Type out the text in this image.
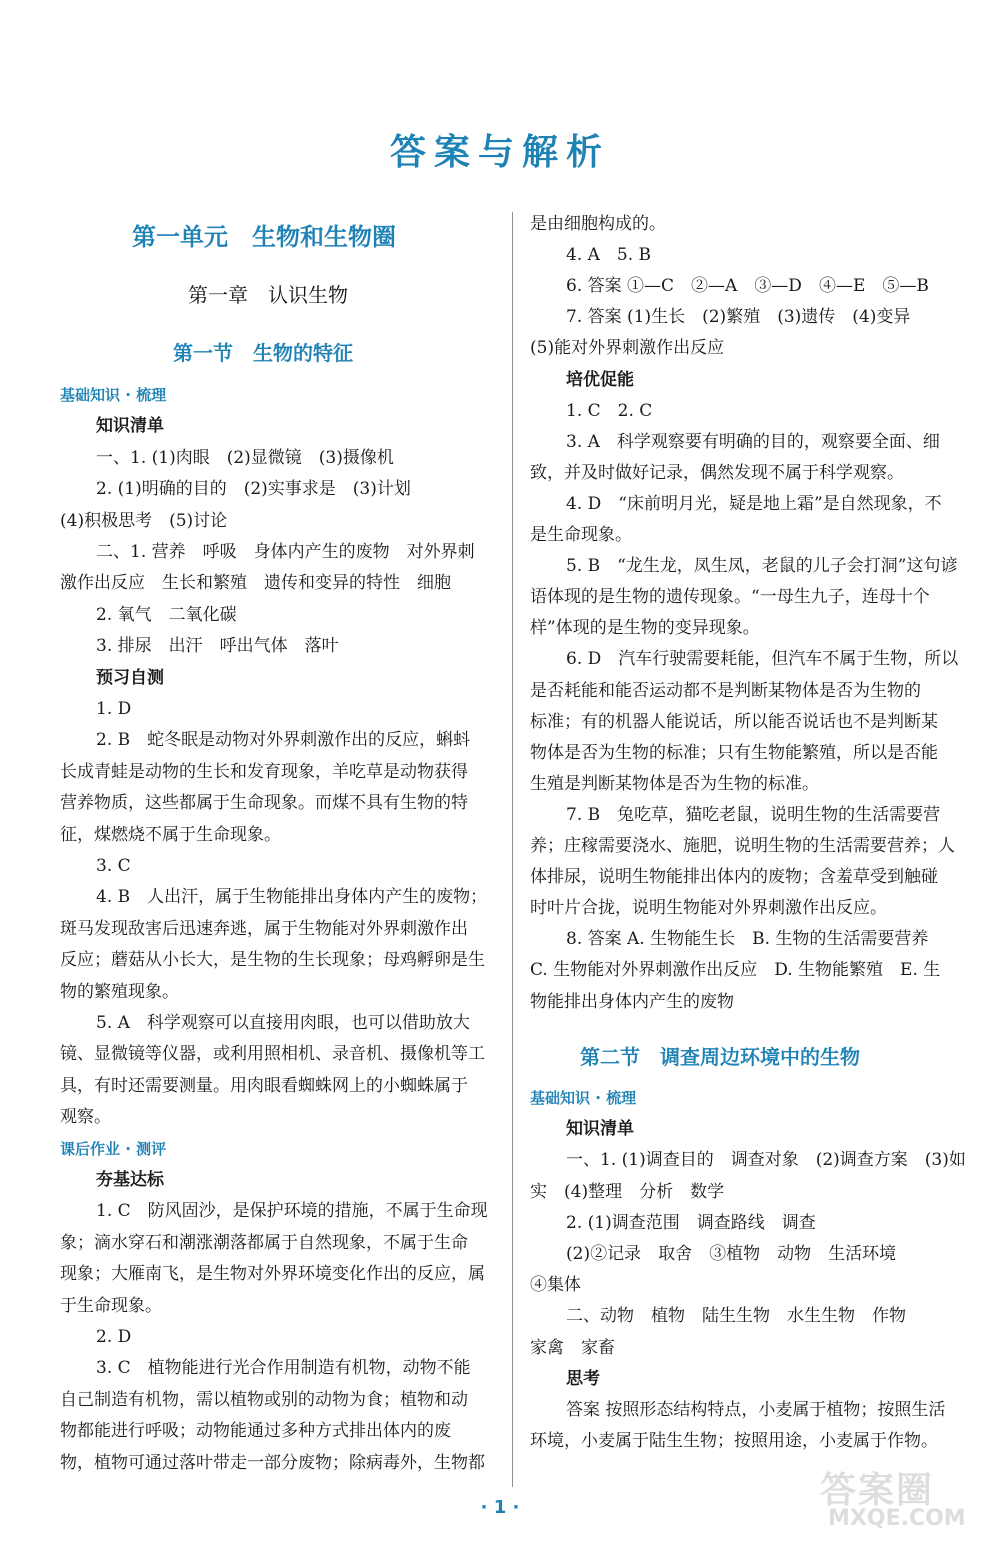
答案与解析
第一单元　生物和生物圈
第一章　认识生物
第一节　生物的特征
基础知识 · 梳理
知识清单
一、1. (1)肉眼　(2)显微镜　(3)摄像机
2. (1)明确的目的　(2)实事求是　(3)计划
(4)积极思考　(5)讨论
二、1. 营养　呼吸　身体内产生的废物　对外界刺
激作出反应　生长和繁殖　遗传和变异的特性　细胞
2. 氧气　二氧化碳
3. 排尿　出汗　呼出气体　落叶
预习自测
1. D
2. B　蛇冬眠是动物对外界刺激作出的反应，蝌蚪
长成青蛙是动物的生长和发育现象，羊吃草是动物获得
营养物质，这些都属于生命现象。而煤不具有生物的特
征，煤燃烧不属于生命现象。
3. C
4. B　人出汗，属于生物能排出身体内产生的废物；
斑马发现敌害后迅速奔逃，属于生物能对外界刺激作出
反应；蘑菇从小长大，是生物的生长现象；母鸡孵卵是生
物的繁殖现象。
5. A　科学观察可以直接用肉眼，也可以借助放大
镜、显微镜等仪器，或利用照相机、录音机、摄像机等工
具，有时还需要测量。用肉眼看蜘蛛网上的小蜘蛛属于
观察。
课后作业 · 测评
夯基达标
1. C　防风固沙，是保护环境的措施，不属于生命现
象；滴水穿石和潮涨潮落都属于自然现象，不属于生命
现象；大雁南飞，是生物对外界环境变化作出的反应，属
于生命现象。
2. D
3. C　植物能进行光合作用制造有机物，动物不能
自己制造有机物，需以植物或别的动物为食；植物和动
物都能进行呼吸；动物能通过多种方式排出体内的废
物，植物可通过落叶带走一部分废物；除病毒外，生物都
是由细胞构成的。
4. A　5. B
6. 答案 ①—C　②—A　③—D　④—E　⑤—B
7. 答案 (1)生长　(2)繁殖　(3)遗传　(4)变异
(5)能对外界刺激作出反应
培优促能
1. C　2. C
3. A　科学观察要有明确的目的，观察要全面、细
致，并及时做好记录，偶然发现不属于科学观察。
4. D　“床前明月光，疑是地上霜”是自然现象，不
是生命现象。
5. B　“龙生龙，凤生凤，老鼠的儿子会打洞”这句谚
语体现的是生物的遗传现象。“一母生九子，连母十个
样”体现的是生物的变异现象。
6. D　汽车行驶需要耗能，但汽车不属于生物，所以
是否耗能和能否运动都不是判断某物体是否为生物的
标准；有的机器人能说话，所以能否说话也不是判断某
物体是否为生物的标准；只有生物能繁殖，所以是否能
生殖是判断某物体是否为生物的标准。
7. B　兔吃草，猫吃老鼠，说明生物的生活需要营
养；庄稼需要浇水、施肥，说明生物的生活需要营养；人
体排尿，说明生物能排出体内的废物；含羞草受到触碰
时叶片合拢，说明生物能对外界刺激作出反应。
8. 答案 A. 生物能生长　B. 生物的生活需要营养
C. 生物能对外界刺激作出反应　D. 生物能繁殖　E. 生
物能排出身体内产生的废物
第二节　调查周边环境中的生物
基础知识 · 梳理
知识清单
一、1. (1)调查目的　调查对象　(2)调查方案　(3)如
实　(4)整理　分析　数学
2. (1)调查范围　调查路线　调查
(2)②记录　取舍　③植物　动物　生活环境
④集体
二、动物　植物　陆生生物　水生生物　作物
家禽　家畜
思考
答案 按照形态结构特点，小麦属于植物；按照生活
环境，小麦属于陆生生物；按照用途，小麦属于作物。
· 1 ·	答案圈
MXQE.COM
